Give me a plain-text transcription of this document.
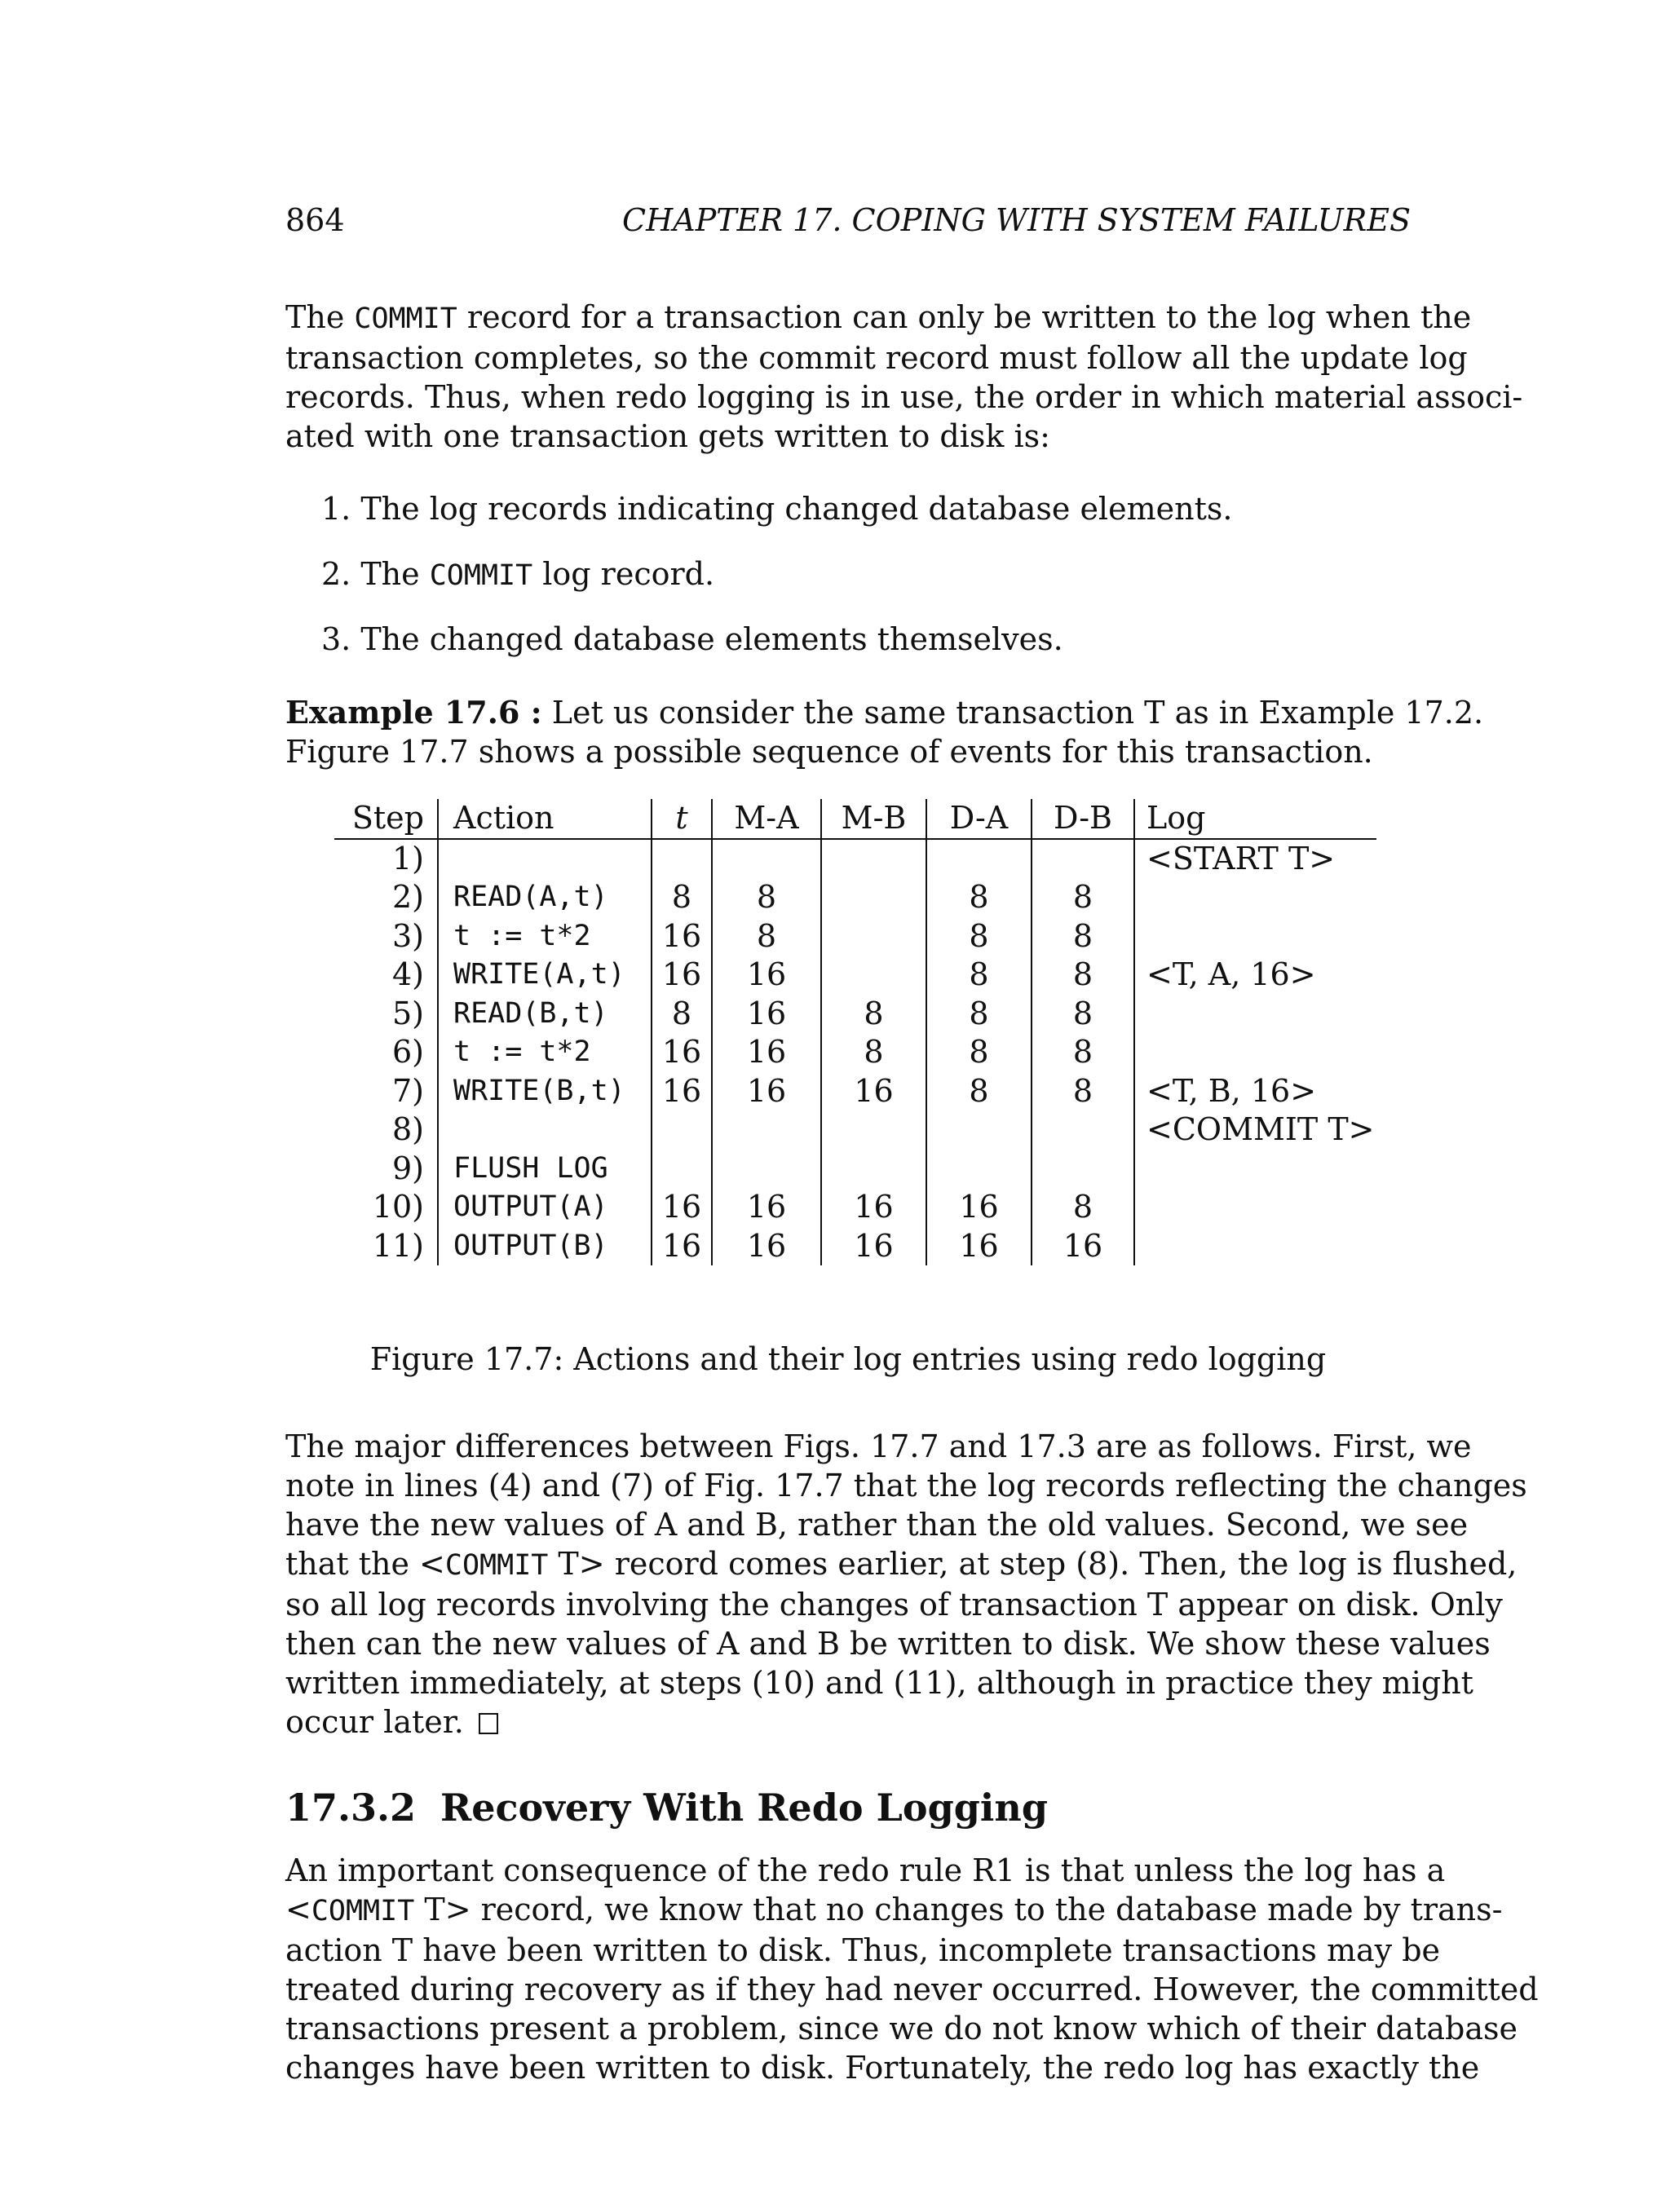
864	CHAPTER 17. COPING WITH SYSTEM FAILURES

The COMMIT record for a transaction can only be written to the log when the
transaction completes, so the commit record must follow all the update log
records. Thus, when redo logging is in use, the order in which material associ-
ated with one transaction gets written to disk is:

1. The log records indicating changed database elements.
2. The COMMIT log record.
3. The changed database elements themselves.
Example 17.6 : Let us consider the same transaction T as in Example 17.2.
Figure 17.7 shows a possible sequence of events for this transaction.
Step	Action	t	M-A	M-B	D-A	D-B	Log
1)							<START T>
2)	READ(A,t)	8	8		8	8	
3)	t := t*2	16	8		8	8	
4)	WRITE(A,t)	16	16		8	8	<T, A, 16>
5)	READ(B,t)	8	16	8	8	8	
6)	t := t*2	16	16	8	8	8	
7)	WRITE(B,t)	16	16	16	8	8	<T, B, 16>
8)							<COMMIT T>
9)	FLUSH LOG						
10)	OUTPUT(A)	16	16	16	16	8	
11)	OUTPUT(B)	16	16	16	16	16	
Figure 17.7: Actions and their log entries using redo logging

The major differences between Figs. 17.7 and 17.3 are as follows. First, we
note in lines (4) and (7) of Fig. 17.7 that the log records reflecting the changes
have the new values of A and B, rather than the old values. Second, we see
that the <COMMIT T> record comes earlier, at step (8). Then, the log is flushed,
so all log records involving the changes of transaction T appear on disk. Only
then can the new values of A and B be written to disk. We show these values
written immediately, at steps (10) and (11), although in practice they might
occur later.

17.3.2 Recovery With Redo Logging

An important consequence of the redo rule R1 is that unless the log has a
<COMMIT T> record, we know that no changes to the database made by trans-
action T have been written to disk. Thus, incomplete transactions may be
treated during recovery as if they had never occurred. However, the committed
transactions present a problem, since we do not know which of their database
changes have been written to disk. Fortunately, the redo log has exactly the
